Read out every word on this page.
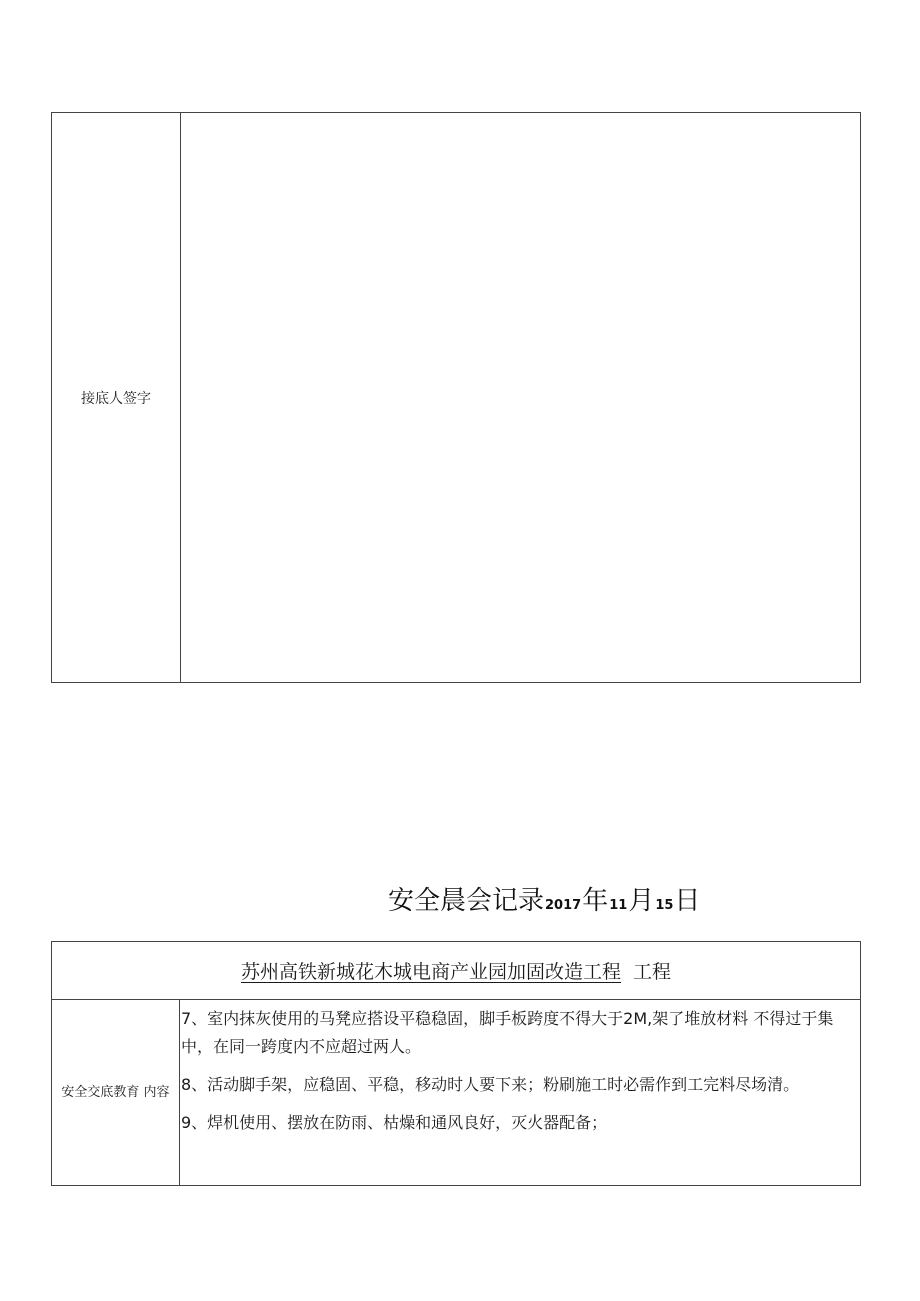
接底人签字
安全晨会记录 2017 年 11 月 15 日
苏州高铁新城花木城电商产业园加固改造工程 工程
安全交底教育 内容

7、室内抹灰使用的马凳应搭设平稳稳固，脚手板跨度不得大于2M,架了堆放材料 不得过于集中，在同一跨度内不应超过两人。

8、活动脚手架，应稳固、平稳，移动时人要下来；粉刷施工时必需作到工完料尽场清。

9、焊机使用、摆放在防雨、枯燥和通风良好，灭火器配备；
